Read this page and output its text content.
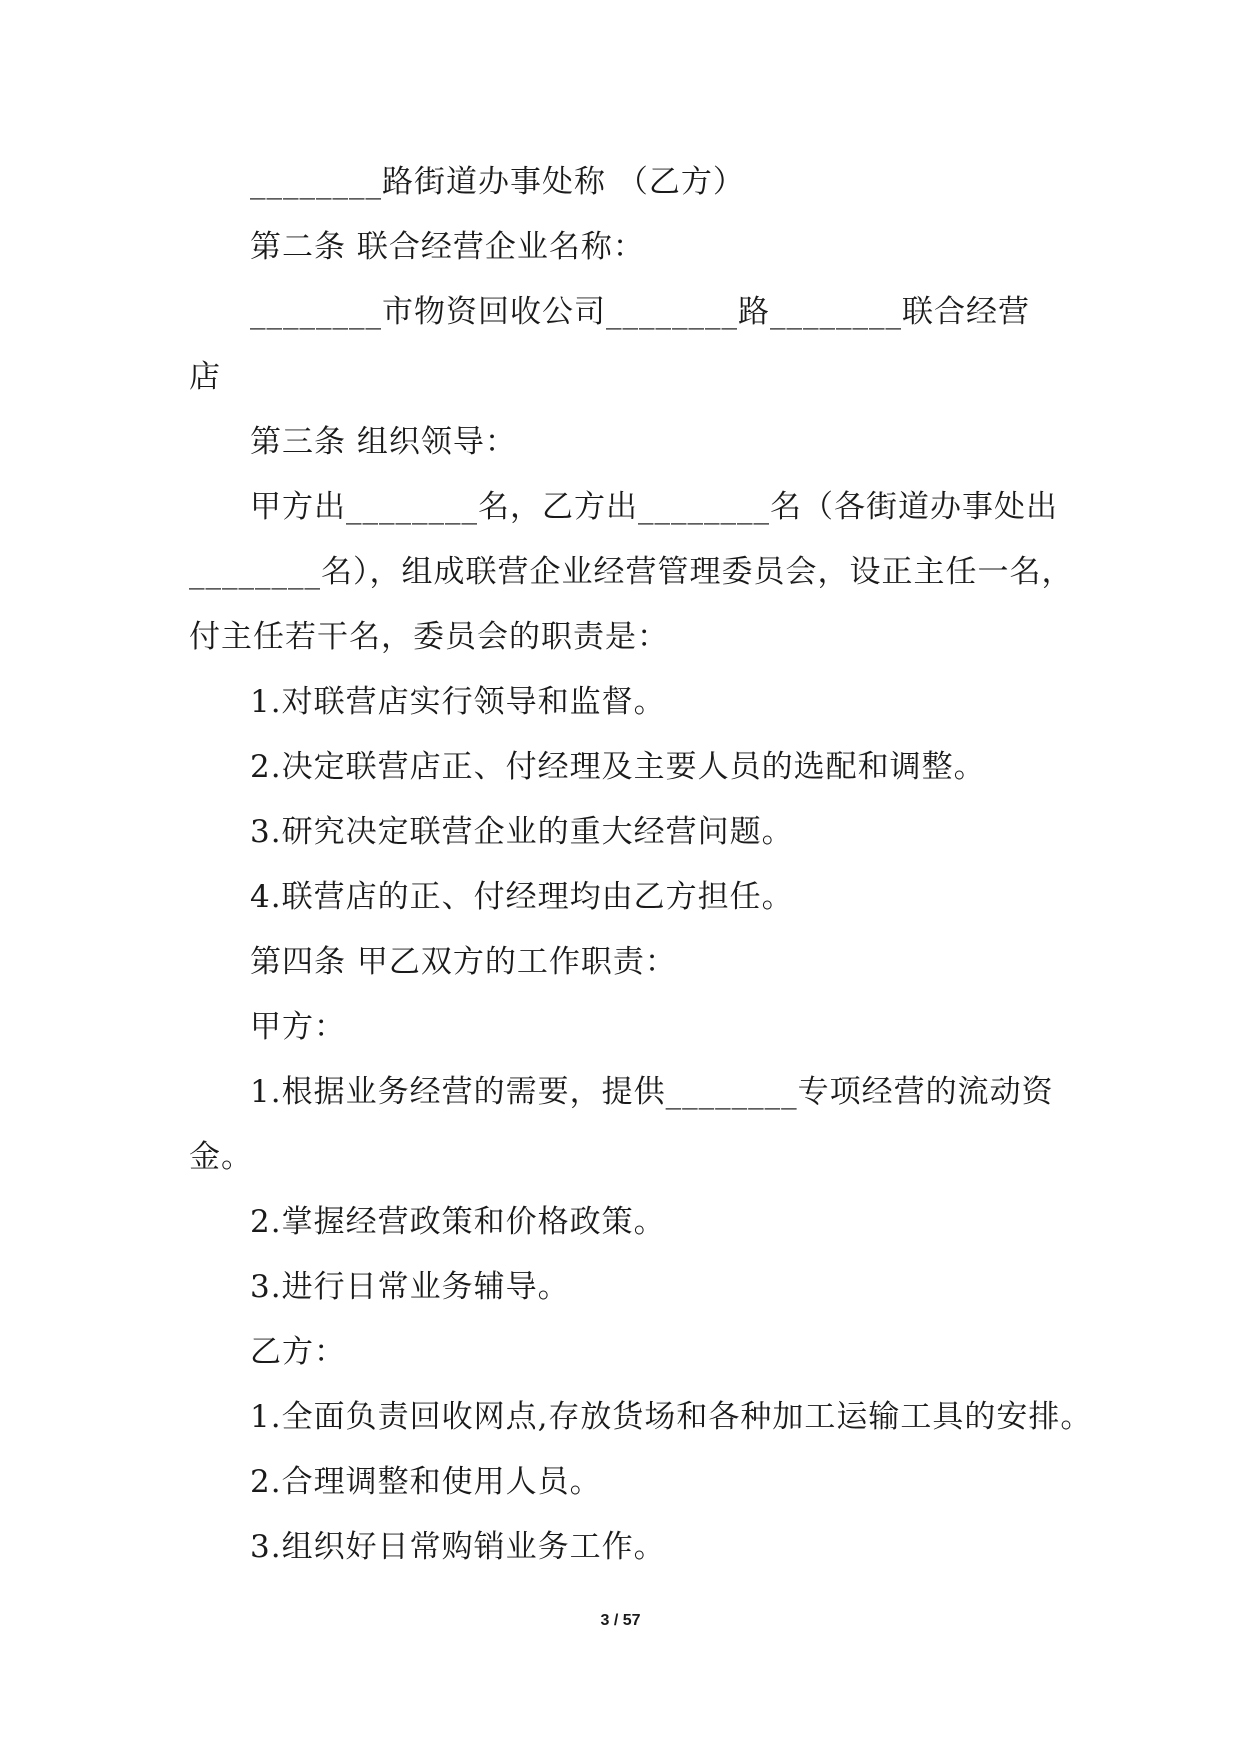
________路街道办事处称 （乙方）
第二条 联合经营企业名称：
________市物资回收公司________路________联合经营
店
第三条 组织领导：
甲方出________名，乙方出________名（各街道办事处出
________名），组成联营企业经营管理委员会，设正主任一名，
付主任若干名，委员会的职责是：
1.对联营店实行领导和监督。
2.决定联营店正、付经理及主要人员的选配和调整。
3.研究决定联营企业的重大经营问题。
4.联营店的正、付经理均由乙方担任。
第四条 甲乙双方的工作职责：
甲方：
1.根据业务经营的需要，提供________专项经营的流动资
金。
2.掌握经营政策和价格政策。
3.进行日常业务辅导。
乙方：
1.全面负责回收网点,存放货场和各种加工运输工具的安排。
2.合理调整和使用人员。
3.组织好日常购销业务工作。
3 / 57
